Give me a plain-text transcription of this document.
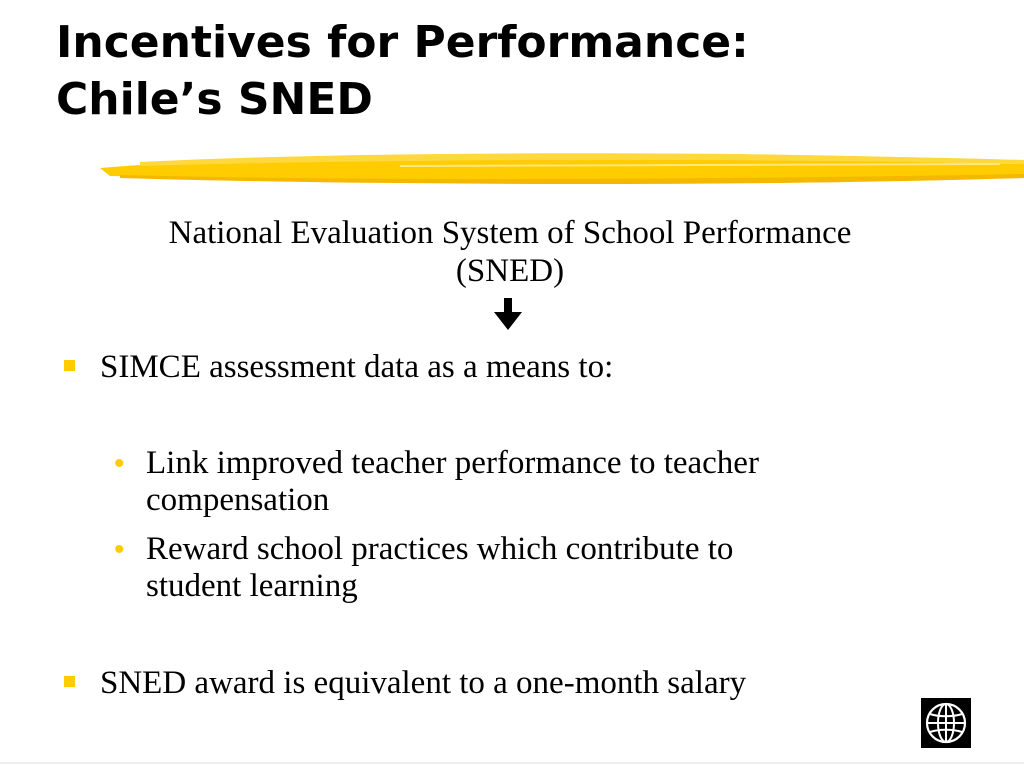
Incentives for Performance:
Chile’s SNED
National Evaluation System of School Performance
(SNED)
SIMCE assessment data as a means to:
• Link improved teacher performance to teacher
compensation
• Reward school practices which contribute to
student learning
SNED award is equivalent to a one-month salary
